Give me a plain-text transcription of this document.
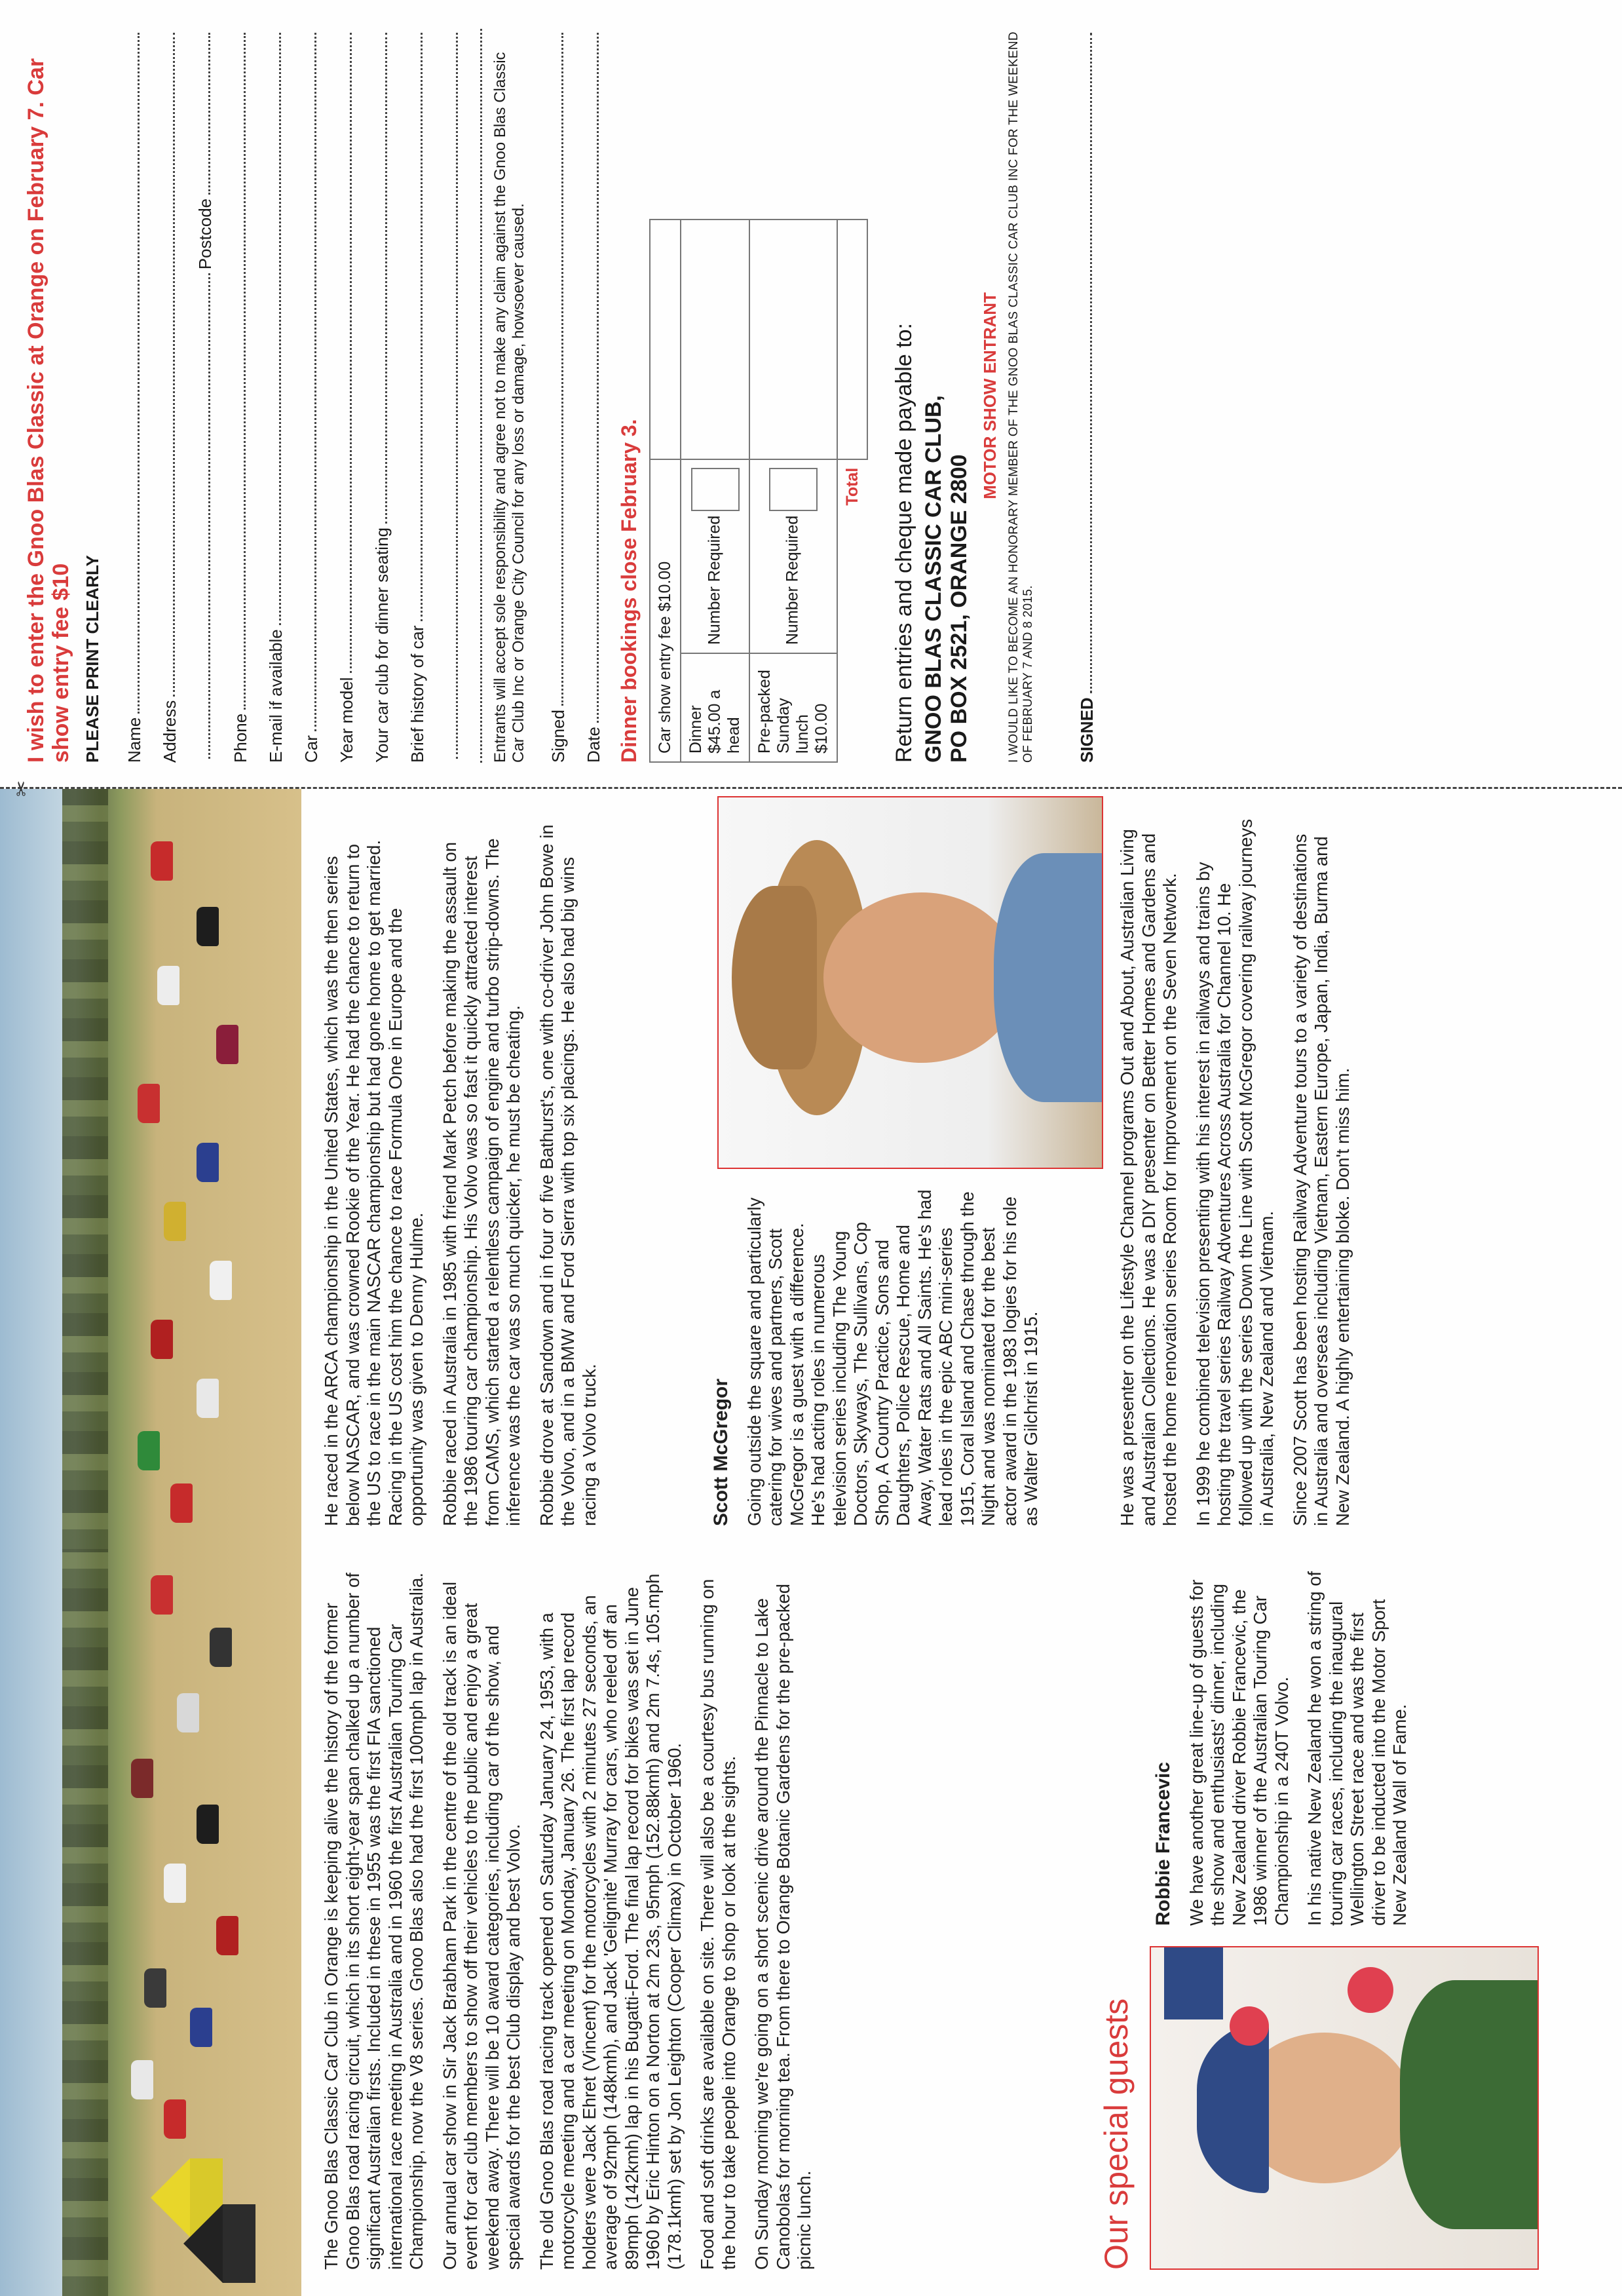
The Gnoo Blas Classic Car Club in Orange is keeping alive the history of the former Gnoo Blas road racing circuit, which in its short eight-year span chalked up a number of significant Australian firsts. Included in these in 1955 was the first FIA sanctioned international race meeting in Australia and in 1960 the first Australian Touring Car Championship, now the V8 series. Gnoo Blas also had the first 100mph lap in Australia. Our annual car show in Sir Jack Brabham Park in the centre of the old track is an ideal event for car club members to show off their vehicles to the public and enjoy a great weekend away. There will be 10 award categories, including car of the show, and special awards for the best Club display and best Volvo. The old Gnoo Blas road racing track opened on Saturday January 24, 1953, with a motorcycle meeting and a car meeting on Monday, January 26. The first lap record holders were Jack Ehret (Vincent) for the motorcycles with 2 minutes 27 seconds, an average of 92mph (148kmh), and Jack 'Gelignite' Murray for cars, who reeled off an 89mph (142kmh) lap in his Bugatti-Ford. The final lap record for bikes was set in June 1960 by Eric Hinton on a Norton at 2m 23s, 95mph (152.88kmh) and 2m 7.4s, 105.mph (178.1kmh) set by Jon Leighton (Cooper Climax) in October 1960. Food and soft drinks are available on site. There will also be a courtesy bus running on the hour to take people into Orange to shop or look at the sights. On Sunday morning we're going on a short scenic drive around the Pinnacle to Lake Canobolas for morning tea. From there to Orange Botanic Gardens for the pre-packed picnic lunch.	Our special guests

Robbie Francevic We have another great line-up of guests for the show and enthusiasts' dinner, including New Zealand driver Robbie Francevic, the 1986 winner of the Australian Touring Car Championship in a 240T Volvo. In his native New Zealand he won a string of touring car races, including the inaugural Wellington Street race and was the first driver to be inducted into the Motor Sport New Zealand Wall of Fame.

He raced in the ARCA championship in the United States, which was the then series below NASCAR, and was crowned Rookie of the Year. He had the chance to return to the US to race in the main NASCAR championship but had gone home to get married. Racing in the US cost him the chance to race Formula One in Europe and the opportunity was given to Denny Hulme. Robbie raced in Australia in 1985 with friend Mark Petch before making the assault on the 1986 touring car championship. His Volvo was so fast it quickly attracted interest from CAMS, which started a relentless campaign of engine and turbo strip-downs. The inference was the car was so much quicker, he must be cheating. Robbie drove at Sandown and in four or five Bathurst's, one with co-driver John Bowe in the Volvo, and in a BMW and Ford Sierra with top six placings. He also had big wins racing a Volvo truck.	Scott McGregor Going outside the square and particularly catering for wives and partners, Scott McGregor is a guest with a difference. He's had acting roles in numerous television series including The Young Doctors, Skyways, The Sullivans, Cop Shop, A Country Practice, Sons and Daughters, Police Rescue, Home and Away, Water Rats and All Saints. He's had lead roles in the epic ABC mini-series 1915, Coral Island and Chase through the Night and was nominated for the best actor award in the 1983 logies for his role as Walter Gilchrist in 1915.	He was a presenter on the Lifestyle Channel programs Out and About, Australian Living and Australian Collections. He was a DIY presenter on Better Homes and Gardens and hosted the home renovation series Room for Improvement on the Seven Network. In 1999 he combined television presenting with his interest in railways and trains by hosting the travel series Railway Adventures Across Australia for Channel 10. He followed up with the series Down the Line with Scott McGregor covering railway journeys in Australia, New Zealand and Vietnam. Since 2007 Scott has been hosting Railway Adventure tours to a variety of destinations in Australia and overseas including Vietnam, Eastern Europe, Japan, India, Burma and New Zealand. A highly entertaining bloke. Don't miss him.

✂

I wish to enter the Gnoo Blas Classic at Orange on February 7. Car show entry fee $10 PLEASE PRINT CLEARLY Name Address
Postcode
Phone E-mail if available Car Year model Your car club for dinner seating Brief history of car	Entrants will accept sole responsibility and agree not to make any claim against the Gnoo Blas Classic Car Club Inc or Orange City Council for any loss or damage, howsoever caused. Signed Date Dinner bookings close February 3. Car show entry fee $10.00		
Dinner $45.00 a head	Number Required	
Pre-packed Sunday lunch $10.00	Number Required	
Total		Return entries and cheque made payable to: GNOO BLAS CLASSIC CAR CLUB, PO BOX 2521, ORANGE 2800

MOTOR SHOW ENTRANT I WOULD LIKE TO BECOME AN HONORARY MEMBER OF THE GNOO BLAS CLASSIC CAR CLUB INC FOR THE WEEKEND OF FEBRUARY 7 AND 8 2015. SIGNED
